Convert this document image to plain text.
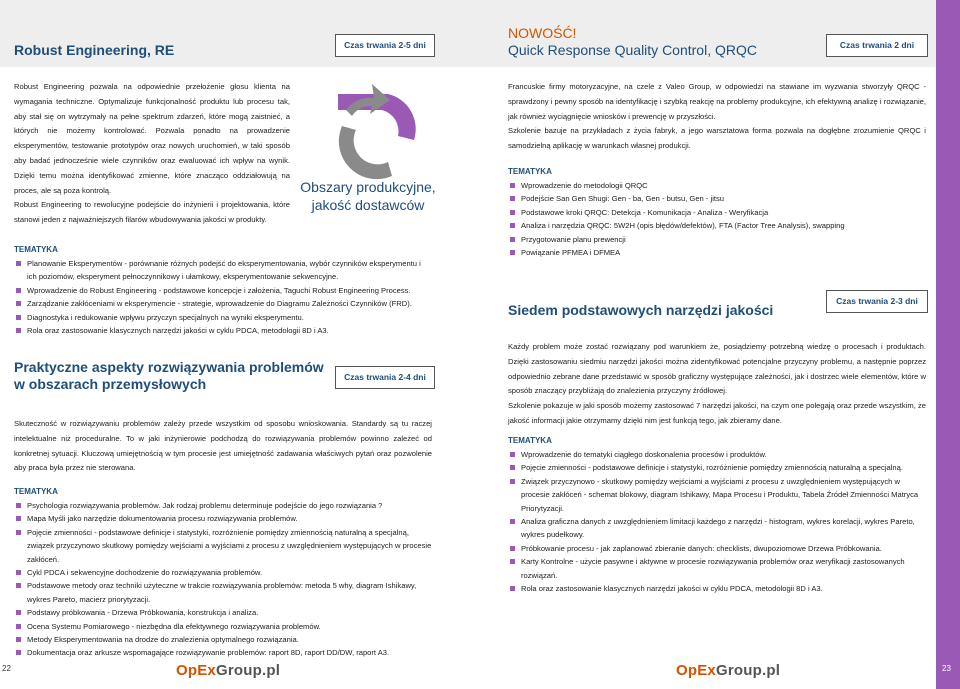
Robust Engineering, RE	Czas trwania 2-5 dni
NOWOŚĆ!
Quick Response Quality Control, QRQC	Czas trwania 2 dni

Robust Engineering pozwala na odpowiednie przełożenie głosu klienta na wymagania techniczne. Optymalizuje funkcjonalność produktu lub procesu tak, aby stał się on wytrzymały na pełne spektrum zdarzeń, które mogą zaistnieć, a których nie możemy kontrolować. Pozwala ponadto na prowadzenie eksperymentów, testowanie prototypów oraz nowych uruchomień, w taki sposób aby badać jednocześnie wiele czynników oraz ewaluować ich wpływ na wynik. Dzięki temu można identyfikować zmienne, które znacząco oddziałowują na proces, ale są poza kontrolą.

Robust Engineering to rewolucyjne podejście do inżynierii i projektowania, które stanowi jeden z najważniejszych filarów wbudowywania jakości w produkty.

Obszary produkcyjne, jakość dostawców
TEMATYKA
Planowanie Eksperymentów - porównanie różnych podejść do eksperymentowania, wybór czynników eksperymentu i ich poziomów, eksperyment pełnoczynnikowy i ułamkowy, eksperymentowanie sekwencyjne.
Wprowadzenie do Robust Engineering - podstawowe koncepcje i założenia, Taguchi Robust Engineering Process.
Zarządzanie zakłóceniami w eksperymencie - strategie, wprowadzenie do Diagramu Zależności Czynników (FRD).
Diagnostyka i redukowanie wpływu przyczyn specjalnych na wyniki eksperymentu.
Rola oraz zastosowanie klasycznych narzędzi jakości w cyklu PDCA, metodologii 8D i A3.
Praktyczne aspekty rozwiązywania problemów
w obszarach przemysłowych	Czas trwania 2-4 dni

Skuteczność w rozwiązywaniu problemów zależy przede wszystkim od sposobu wnioskowania. Standardy są tu raczej intelektualne niż proceduralne. To w jaki inżynierowie podchodzą do rozwiązywania problemów powinno zależeć od konkretnej sytuacji. Kluczową umiejętnością w tym procesie jest umiejętność zadawania właściwych pytań oraz pozwolenie aby praca była przez nie sterowana.

TEMATYKA
Psychologia rozwiązywania problemów. Jak rodzaj problemu determinuje podejście do jego rozwiązania ?
Mapa Myśli jako narzędzie dokumentowania procesu rozwiązywania problemów.
Pojęcie zmienności - podstawowe definicje i statystyki, rozróżnienie pomiędzy zmiennością naturalną a specjalną, związek przyczynowo skutkowy pomiędzy wejściami a wyjściami z procesu z uwzględnieniem występujących w procesie zakłóceń.
Cykl PDCA i sekwencyjne dochodzenie do rozwiązywania problemów.
Podstawowe metody oraz techniki użyteczne w trakcie rozwiązywania problemów: metoda 5 why, diagram Ishikawy, wykres Pareto, macierz priorytyzacji.
Podstawy próbkowania - Drzewa Próbkowania, konstrukcja i analiza.
Ocena Systemu Pomiarowego - niezbędna dla efektywnego rozwiązywania problemów.
Metody Eksperymentowania na drodze do znalezienia optymalnego rozwiązania.
Dokumentacja oraz arkusze wspomagające rozwiązywanie problemów: raport 8D, raport DD/DW, raport A3.
22	OpExGroup.pl

Francuskie firmy motoryzacyjne, na czele z Valeo Group, w odpowiedzi na stawiane im wyzwania stworzyły QRQC - sprawdzony i pewny sposób na identyfikację i szybką reakcję na problemy produkcyjne, ich efektywną analizę i rozwiązanie, jak również wyciągnięcie wniosków i prewencję w przyszłości.

Szkolenie bazuje na przykładach z życia fabryk, a jego warsztatowa forma pozwala na dogłębne zrozumienie QRQC i samodzielną aplikację w warunkach własnej produkcji.

TEMATYKA
Wprowadzenie do metodologii QRQC
Podejście San Gen Shugi: Gen - ba, Gen - butsu, Gen - jitsu
Podstawowe kroki QRQC: Detekcja - Komunikacja - Analiza - Weryfikacja
Analiza i narzędzia QRQC: 5W2H (opis błędów/defektów), FTA (Factor Tree Analysis), swapping
Przygotowanie planu prewencji
Powiązanie PFMEA i DFMEA
Siedem podstawowych narzędzi jakości
Czas trwania 2-3 dni

Każdy problem może zostać rozwiązany pod warunkiem że, posiądziemy potrzebną wiedzę o procesach i produktach. Dzięki zastosowaniu siedmiu narzędzi jakości można zidentyfikować potencjalne przyczyny problemu, a następnie poprzez odpowiednio zebrane dane przedstawić w sposób graficzny występujące zależności, jak i dostrzec wiele elementów, które w sposób znaczący przybliżają do znalezienia przyczyny źródłowej.

Szkolenie pokazuje w jaki sposób możemy zastosować 7 narzędzi jakości, na czym one polegają oraz przede wszystkim, że jakość informacji jakie otrzymamy dzięki nim jest funkcją tego, jak zbieramy dane.

TEMATYKA
Wprowadzenie do tematyki ciągłego doskonalenia procesów i produktów.
Pojęcie zmienności - podstawowe definicje i statystyki, rozróżnienie pomiędzy zmiennością naturalną a specjalną.
Związek przyczynowo - skutkowy pomiędzy wejściami a wyjściami z procesu z uwzględnieniem występujących w procesie zakłóceń - schemat blokowy, diagram Ishikawy, Mapa Procesu i Produktu, Tabela Źródeł Zmienności Matryca Priorytyzacji.
Analiza graficzna danych z uwzględnieniem limitacji każdego z narzędzi - histogram, wykres korelacji, wykres Pareto, wykres pudełkowy.
Próbkowanie procesu - jak zaplanować zbieranie danych: checklists, dwupoziomowe Drzewa Próbkowania.
Karty Kontrolne - użycie pasywne i aktywne w procesie rozwiązywania problemów oraz weryfikacji zastosowanych rozwiązań.
Rola oraz zastosowanie klasycznych narzędzi jakości w cyklu PDCA, metodologii 8D i A3.
OpExGroup.pl	23
